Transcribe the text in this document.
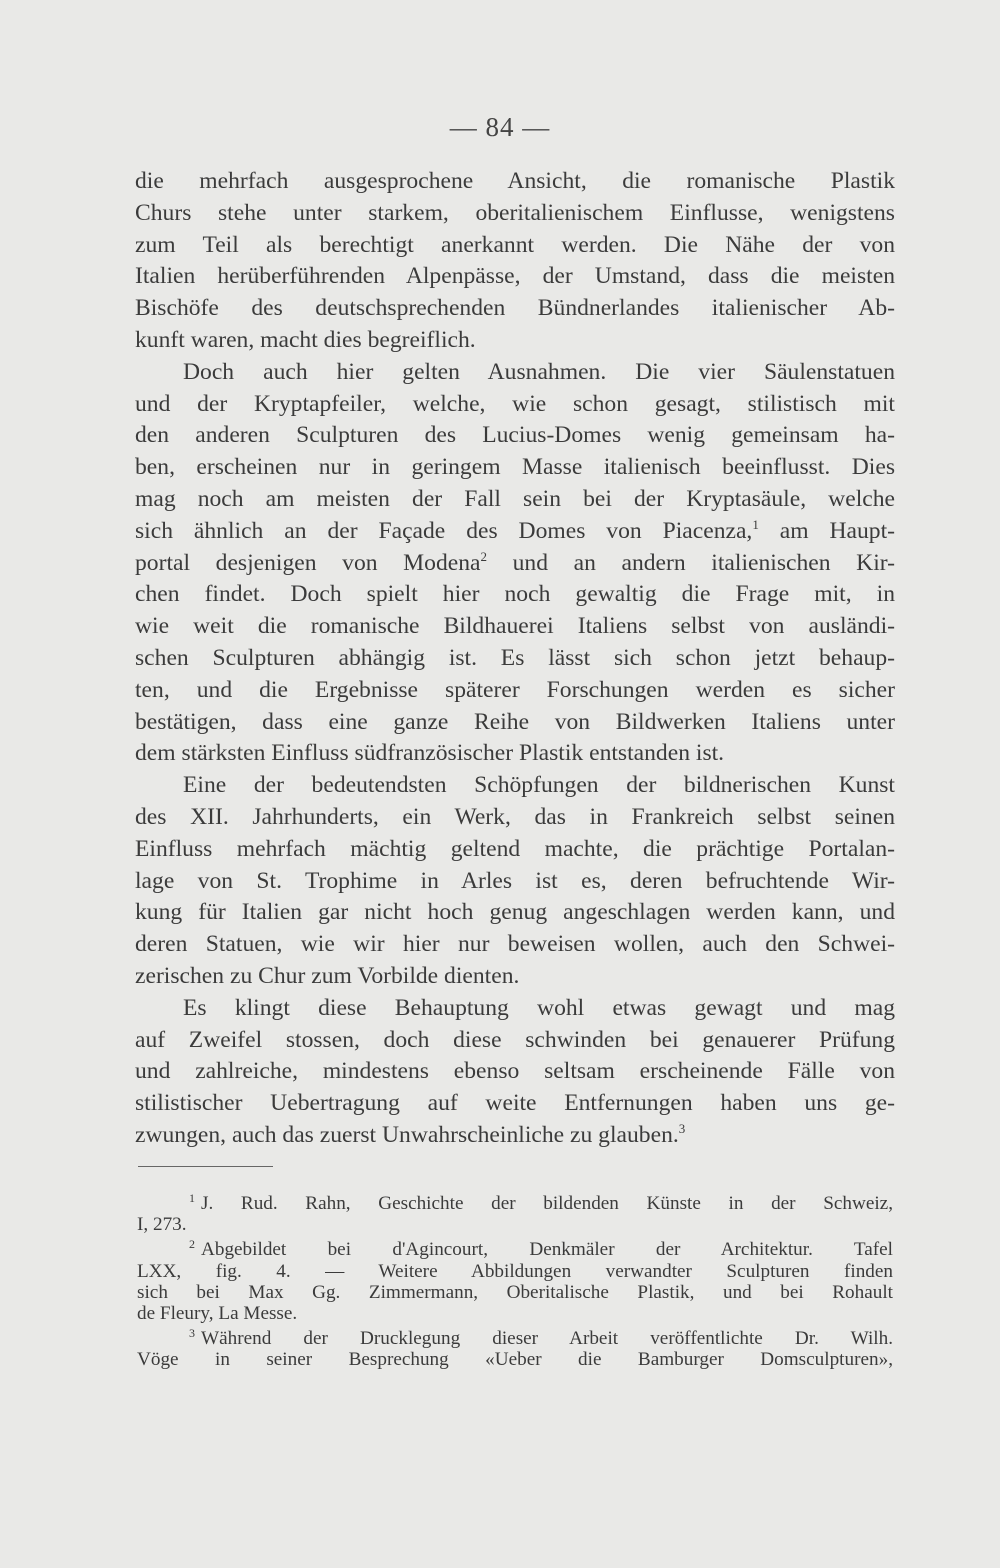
— 84 —
die mehrfach ausgesprochene Ansicht, die romanische Plastik
Churs stehe unter starkem, oberitalienischem Einflusse, wenigstens
zum Teil als berechtigt anerkannt werden. Die Nähe der von
Italien herüberführenden Alpenpässe, der Umstand, dass die meisten
Bischöfe des deutschsprechenden Bündnerlandes italienischer Ab-
kunft waren, macht dies begreiflich.
Doch auch hier gelten Ausnahmen. Die vier Säulenstatuen
und der Kryptapfeiler, welche, wie schon gesagt, stilistisch mit
den anderen Sculpturen des Lucius-Domes wenig gemeinsam ha-
ben, erscheinen nur in geringem Masse italienisch beeinflusst. Dies
mag noch am meisten der Fall sein bei der Kryptasäule, welche
sich ähnlich an der Façade des Domes von Piacenza,$^1$ am Haupt-
portal desjenigen von Modena$^2$ und an andern italienischen Kir-
chen findet. Doch spielt hier noch gewaltig die Frage mit, in
wie weit die romanische Bildhauerei Italiens selbst von ausländi-
schen Sculpturen abhängig ist. Es lässt sich schon jetzt behaup-
ten, und die Ergebnisse späterer Forschungen werden es sicher
bestätigen, dass eine ganze Reihe von Bildwerken Italiens unter
dem stärksten Einfluss südfranzösischer Plastik entstanden ist.
Eine der bedeutendsten Schöpfungen der bildnerischen Kunst
des XII. Jahrhunderts, ein Werk, das in Frankreich selbst seinen
Einfluss mehrfach mächtig geltend machte, die prächtige Portalan-
lage von St. Trophime in Arles ist es, deren befruchtende Wir-
kung für Italien gar nicht hoch genug angeschlagen werden kann, und
deren Statuen, wie wir hier nur beweisen wollen, auch den Schwei-
zerischen zu Chur zum Vorbilde dienten.
Es klingt diese Behauptung wohl etwas gewagt und mag
auf Zweifel stossen, doch diese schwinden bei genauerer Prüfung
und zahlreiche, mindestens ebenso seltsam erscheinende Fälle von
stilistischer Uebertragung auf weite Entfernungen haben uns ge-
zwungen, auch das zuerst Unwahrscheinliche zu glauben.$^3$
$^1$ J. Rud. Rahn, Geschichte der bildenden Künste in der Schweiz,
I, 273.
$^2$ Abgebildet bei d'Agincourt, Denkmäler der Architektur. Tafel
LXX, fig. 4. — Weitere Abbildungen verwandter Sculpturen finden
sich bei Max Gg. Zimmermann, Oberitalische Plastik, und bei Rohault
de Fleury, La Messe.
$^3$ Während der Drucklegung dieser Arbeit veröffentlichte Dr. Wilh.
Vöge in seiner Besprechung «Ueber die Bamburger Domsculpturen»,
